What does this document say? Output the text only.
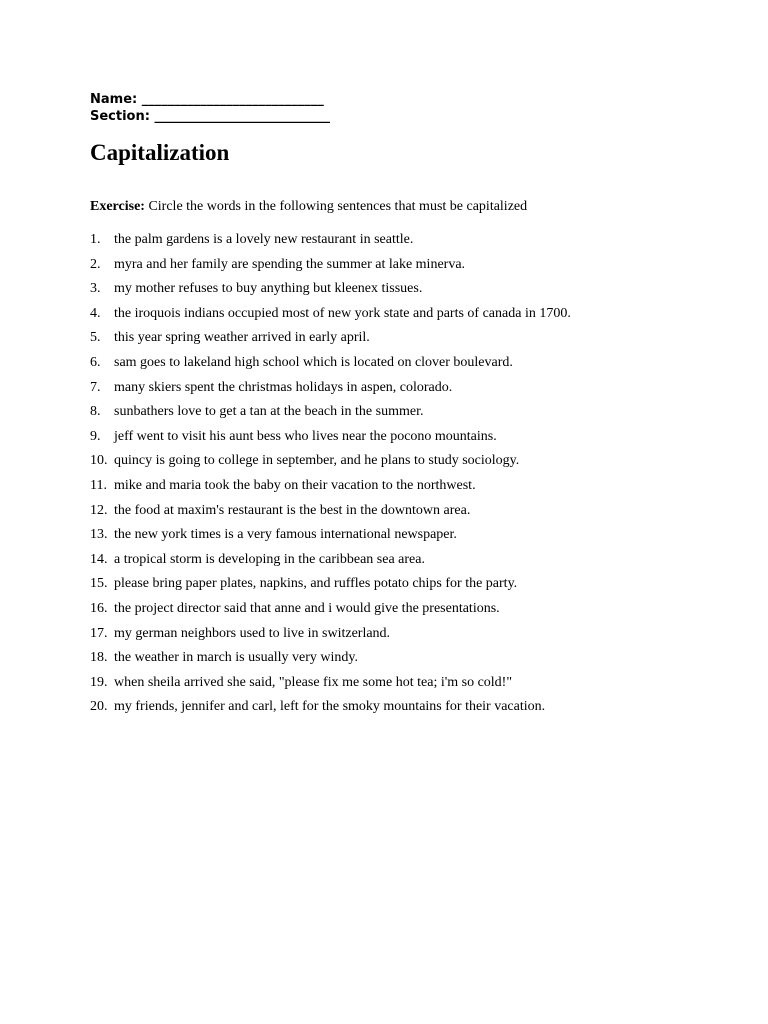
Name: ____________________________
Section: ___________________________
Capitalization
Exercise: Circle the words in the following sentences that must be capitalized
1. the palm gardens is a lovely new restaurant in seattle.
2. myra and her family are spending the summer at lake minerva.
3. my mother refuses to buy anything but kleenex tissues.
4. the iroquois indians occupied most of new york state and parts of canada in 1700.
5. this year spring weather arrived in early april.
6. sam goes to lakeland high school which is located on clover boulevard.
7. many skiers spent the christmas holidays in aspen, colorado.
8. sunbathers love to get a tan at the beach in the summer.
9. jeff went to visit his aunt bess who lives near the pocono mountains.
10. quincy is going to college in september, and he plans to study sociology.
11. mike and maria took the baby on their vacation to the northwest.
12. the food at maxim's restaurant is the best in the downtown area.
13. the new york times is a very famous international newspaper.
14. a tropical storm is developing in the caribbean sea area.
15. please bring paper plates, napkins, and ruffles potato chips for the party.
16. the project director said that anne and i would give the presentations.
17. my german neighbors used to live in switzerland.
18. the weather in march is usually very windy.
19. when sheila arrived she said, "please fix me some hot tea; i'm so cold!"
20. my friends, jennifer and carl, left for the smoky mountains for their vacation.
